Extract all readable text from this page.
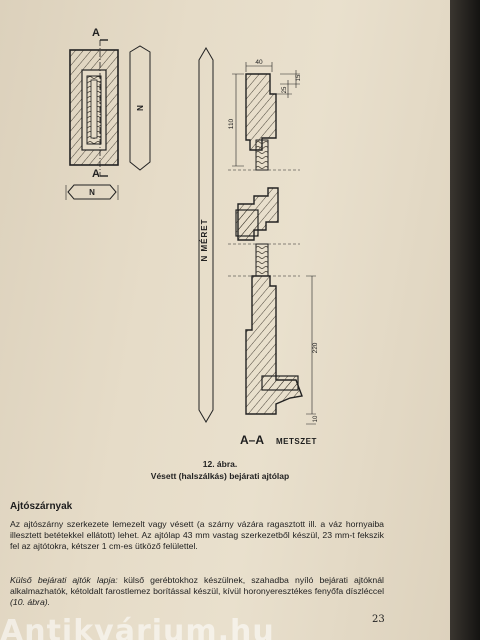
A
A
N
N
N MÉRET
40
15
25
110
220
10
A–A METSZET
12. ábra.
Vésett (halszálkás) bejárati ajtólap
Ajtószárnyak
Az ajtószárny szerkezete lemezelt vagy vésett (a szárny vázára ragasztott ill. a váz hornyaiba illesztett betétekkel ellátott) lehet. Az ajtólap 43 mm vastag szerkezetből készül, 23 mm-t fekszik fel az ajtótokra, kétszer 1 cm-es ütköző felülettel.
Külső bejárati ajtók lapja: külső gerébtokhoz készülnek, szahadba nyíló bejárati ajtóknál alkalmazhatók, kétoldalt farostlemez borítással készül, kívül horonyeresztékes fenyőfa díszléccel (10. ábra).
23
Antikvárium.hu
